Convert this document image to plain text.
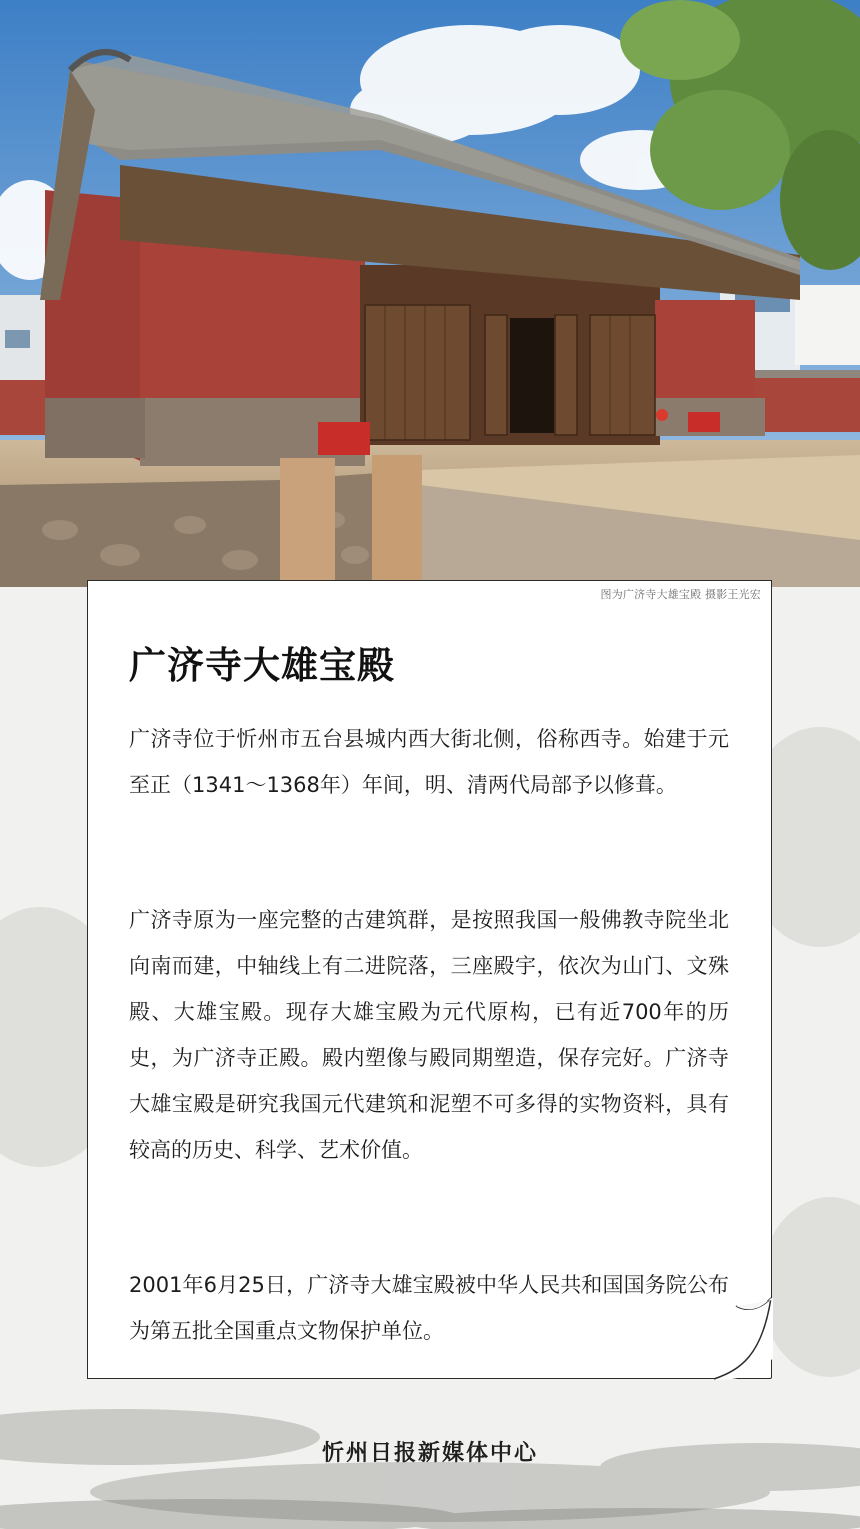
图为广济寺大雄宝殿 摄影王光宏
广济寺大雄宝殿

广济寺位于忻州市五台县城内西大街北侧，俗称西寺。始建于元至正（1341～1368年）年间，明、清两代局部予以修葺。

广济寺原为一座完整的古建筑群，是按照我国一般佛教寺院坐北向南而建，中轴线上有二进院落，三座殿宇，依次为山门、文殊殿、大雄宝殿。现存大雄宝殿为元代原构，已有近700年的历史，为广济寺正殿。殿内塑像与殿同期塑造，保存完好。广济寺大雄宝殿是研究我国元代建筑和泥塑不可多得的实物资料，具有较高的历史、科学、艺术价值。

2001年6月25日，广济寺大雄宝殿被中华人民共和国国务院公布为第五批全国重点文物保护单位。

忻州日报新媒体中心
